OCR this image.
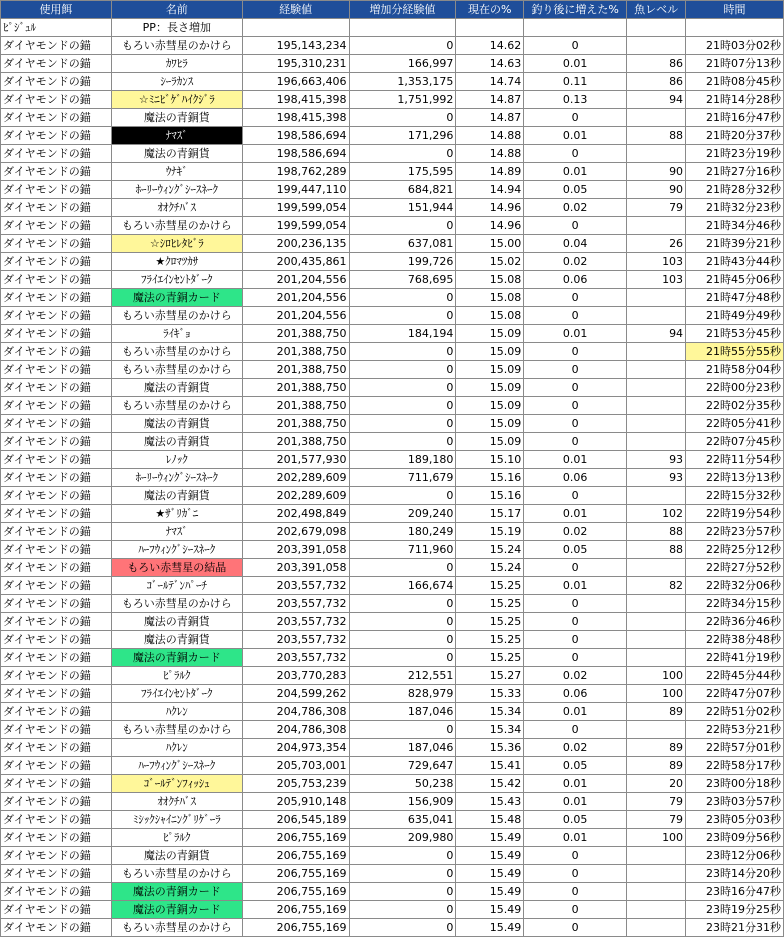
使用餌	名前	経験値	増加分経験値	現在の%	釣り後に増えた%	魚レベル	時間
ﾋﾟｼﾞｭﾙ	PP：長さ増加						
ダイヤモンドの錨	もろい赤彗星のかけら	195,143,234	0	14.62	0		21時03分02秒
ダイヤモンドの錨	ｶﾜﾋﾗ	195,310,231	166,997	14.63	0.01	86	21時07分13秒
ダイヤモンドの錨	ｼｰﾗｶﾝｽ	196,663,406	1,353,175	14.74	0.11	86	21時08分45秒
ダイヤモンドの錨	☆ﾐﾆﾋﾞｹﾞﾊｲｸｼﾞﾗ	198,415,398	1,751,992	14.87	0.13	94	21時14分28秒
ダイヤモンドの錨	魔法の青銅貨	198,415,398	0	14.87	0		21時16分47秒
ダイヤモンドの錨	ﾅﾏｽﾞ	198,586,694	171,296	14.88	0.01	88	21時20分37秒
ダイヤモンドの錨	魔法の青銅貨	198,586,694	0	14.88	0		21時23分19秒
ダイヤモンドの錨	ｳﾅｷﾞ	198,762,289	175,595	14.89	0.01	90	21時27分16秒
ダイヤモンドの錨	ﾎｰﾘｰｳｨﾝｸﾞｼｰｽﾈｰｸ	199,447,110	684,821	14.94	0.05	90	21時28分32秒
ダイヤモンドの錨	ｵｵｸﾁﾊﾞｽ	199,599,054	151,944	14.96	0.02	79	21時32分23秒
ダイヤモンドの錨	もろい赤彗星のかけら	199,599,054	0	14.96	0		21時34分46秒
ダイヤモンドの錨	☆ｼﾛﾋﾚﾀﾋﾞﾗ	200,236,135	637,081	15.00	0.04	26	21時39分21秒
ダイヤモンドの錨	★ｸﾛﾏﾂｶｻ	200,435,861	199,726	15.02	0.02	103	21時43分44秒
ダイヤモンドの錨	ﾌﾗｲｴｲﾝｾﾝﾄﾀﾞｰｸ	201,204,556	768,695	15.08	0.06	103	21時45分06秒
ダイヤモンドの錨	魔法の青銅カード	201,204,556	0	15.08	0		21時47分48秒
ダイヤモンドの錨	もろい赤彗星のかけら	201,204,556	0	15.08	0		21時49分49秒
ダイヤモンドの錨	ﾗｲｷﾞｮ	201,388,750	184,194	15.09	0.01	94	21時53分45秒
ダイヤモンドの錨	もろい赤彗星のかけら	201,388,750	0	15.09	0		21時55分55秒
ダイヤモンドの錨	もろい赤彗星のかけら	201,388,750	0	15.09	0		21時58分04秒
ダイヤモンドの錨	魔法の青銅貨	201,388,750	0	15.09	0		22時00分23秒
ダイヤモンドの錨	もろい赤彗星のかけら	201,388,750	0	15.09	0		22時02分35秒
ダイヤモンドの錨	魔法の青銅貨	201,388,750	0	15.09	0		22時05分41秒
ダイヤモンドの錨	魔法の青銅貨	201,388,750	0	15.09	0		22時07分45秒
ダイヤモンドの錨	ﾚﾉｯｸ	201,577,930	189,180	15.10	0.01	93	22時11分54秒
ダイヤモンドの錨	ﾎｰﾘｰｳｨﾝｸﾞｼｰｽﾈｰｸ	202,289,609	711,679	15.16	0.06	93	22時13分13秒
ダイヤモンドの錨	魔法の青銅貨	202,289,609	0	15.16	0		22時15分32秒
ダイヤモンドの錨	★ｻﾞﾘｶﾞﾆ	202,498,849	209,240	15.17	0.01	102	22時19分54秒
ダイヤモンドの錨	ﾅﾏｽﾞ	202,679,098	180,249	15.19	0.02	88	22時23分57秒
ダイヤモンドの錨	ﾊｰﾌｳｨﾝｸﾞｼｰｽﾈｰｸ	203,391,058	711,960	15.24	0.05	88	22時25分12秒
ダイヤモンドの錨	もろい赤彗星の結晶	203,391,058	0	15.24	0		22時27分52秒
ダイヤモンドの錨	ｺﾞｰﾙﾃﾞﾝﾊﾟｰﾁ	203,557,732	166,674	15.25	0.01	82	22時32分06秒
ダイヤモンドの錨	もろい赤彗星のかけら	203,557,732	0	15.25	0		22時34分15秒
ダイヤモンドの錨	魔法の青銅貨	203,557,732	0	15.25	0		22時36分46秒
ダイヤモンドの錨	魔法の青銅貨	203,557,732	0	15.25	0		22時38分48秒
ダイヤモンドの錨	魔法の青銅カード	203,557,732	0	15.25	0		22時41分19秒
ダイヤモンドの錨	ﾋﾟﾗﾙｸ	203,770,283	212,551	15.27	0.02	100	22時45分44秒
ダイヤモンドの錨	ﾌﾗｲｴｲﾝｾﾝﾄﾀﾞｰｸ	204,599,262	828,979	15.33	0.06	100	22時47分07秒
ダイヤモンドの錨	ﾊｸﾚﾝ	204,786,308	187,046	15.34	0.01	89	22時51分02秒
ダイヤモンドの錨	もろい赤彗星のかけら	204,786,308	0	15.34	0		22時53分21秒
ダイヤモンドの錨	ﾊｸﾚﾝ	204,973,354	187,046	15.36	0.02	89	22時57分01秒
ダイヤモンドの錨	ﾊｰﾌｳｨﾝｸﾞｼｰｽﾈｰｸ	205,703,001	729,647	15.41	0.05	89	22時58分17秒
ダイヤモンドの錨	ｺﾞｰﾙﾃﾞﾝﾌｨｯｼｭ	205,753,239	50,238	15.42	0.01	20	23時00分18秒
ダイヤモンドの錨	ｵｵｸﾁﾊﾞｽ	205,910,148	156,909	15.43	0.01	79	23時03分57秒
ダイヤモンドの錨	ﾐｼｯｸｼｬｲﾆﾝｸﾞﾘｹﾞｰﾗ	206,545,189	635,041	15.48	0.05	79	23時05分03秒
ダイヤモンドの錨	ﾋﾟﾗﾙｸ	206,755,169	209,980	15.49	0.01	100	23時09分56秒
ダイヤモンドの錨	魔法の青銅貨	206,755,169	0	15.49	0		23時12分06秒
ダイヤモンドの錨	もろい赤彗星のかけら	206,755,169	0	15.49	0		23時14分20秒
ダイヤモンドの錨	魔法の青銅カード	206,755,169	0	15.49	0		23時16分47秒
ダイヤモンドの錨	魔法の青銅カード	206,755,169	0	15.49	0		23時19分25秒
ダイヤモンドの錨	もろい赤彗星のかけら	206,755,169	0	15.49	0		23時21分31秒
